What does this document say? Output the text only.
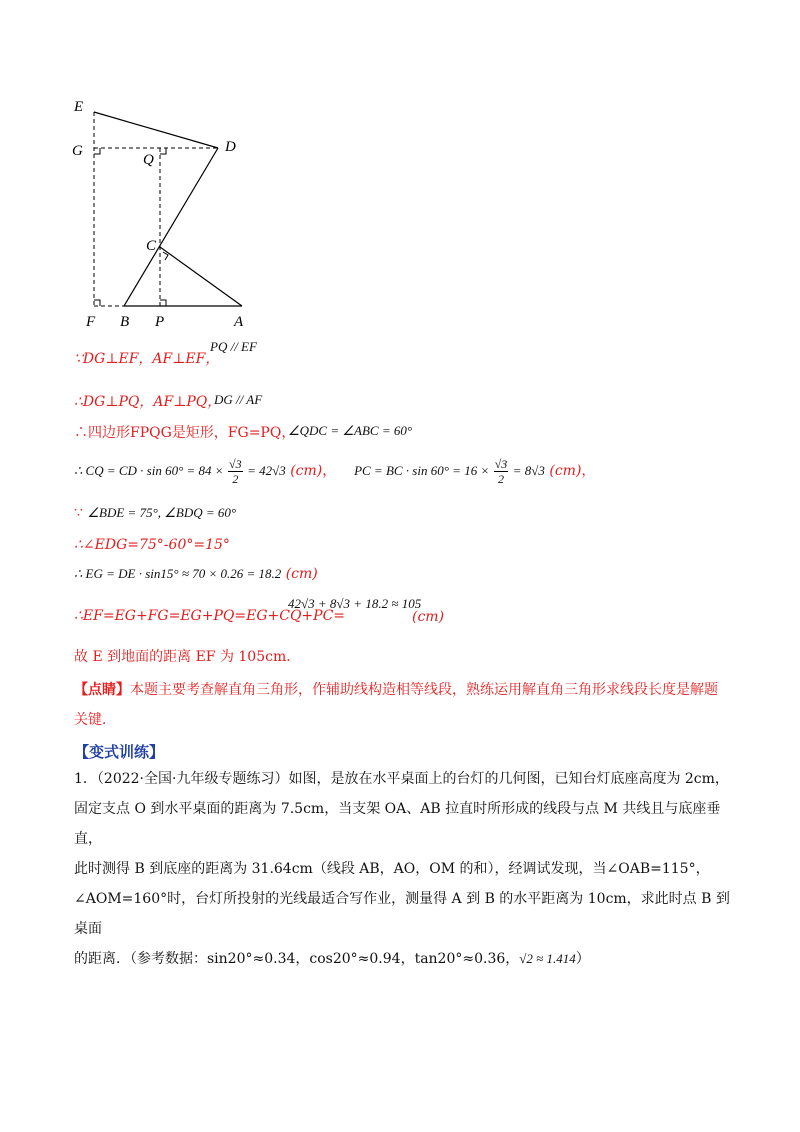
E
G
Q
D
C
F B P	A
∵DG⊥EF，AF⊥EF，
PQ // EF
∴DG⊥PQ，AF⊥PQ，
DG // AF
∴四边形FPQG是矩形，FG=PQ，
∠QDC = ∠ABC = 60°
∴ CQ = CD · $\sin 60^\circ = 84 \times \frac{√3}{2} = 42√3$ (cm)， PC = BC · $\sin 60^\circ = 16 \times \frac{√3}{2} = 8√3$ (cm)，
∵ ∠BDE = 75°, ∠BDQ = 60°
∴∠EDG=75°-60°=15°
∴ EG = DE · sin15° ≈ 70 × 0.26 = 18.2 (cm)
∴EF=EG+FG=EG+PQ=EG+CQ+PC=
42√3 + 8√3 + 18.2 ≈ 105
(cm)
故 E 到地面的距离 EF 为 105cm．
【点睛】本题主要考查解直角三角形，作辅助线构造相等线段，熟练运用解直角三角形求线段长度是解题
关键．
【变式训练】
1．（2022·全国·九年级专题练习）如图，是放在水平桌面上的台灯的几何图，已知台灯底座高度为 2cm，
固定支点 O 到水平桌面的距离为 7.5cm，当支架 OA、AB 拉直时所形成的线段与点 M 共线且与底座垂直，
此时测得 B 到底座的距离为 31.64cm（线段 AB，AO，OM 的和），经调试发现，当∠OAB=115°，
∠AOM=160°时，台灯所投射的光线最适合写作业，测量得 A 到 B 的水平距离为 10cm，求此时点 B 到桌面
的距离．（参考数据：sin20°≈0.34，cos20°≈0.94，tan20°≈0.36，√2 ≈ 1.414）
